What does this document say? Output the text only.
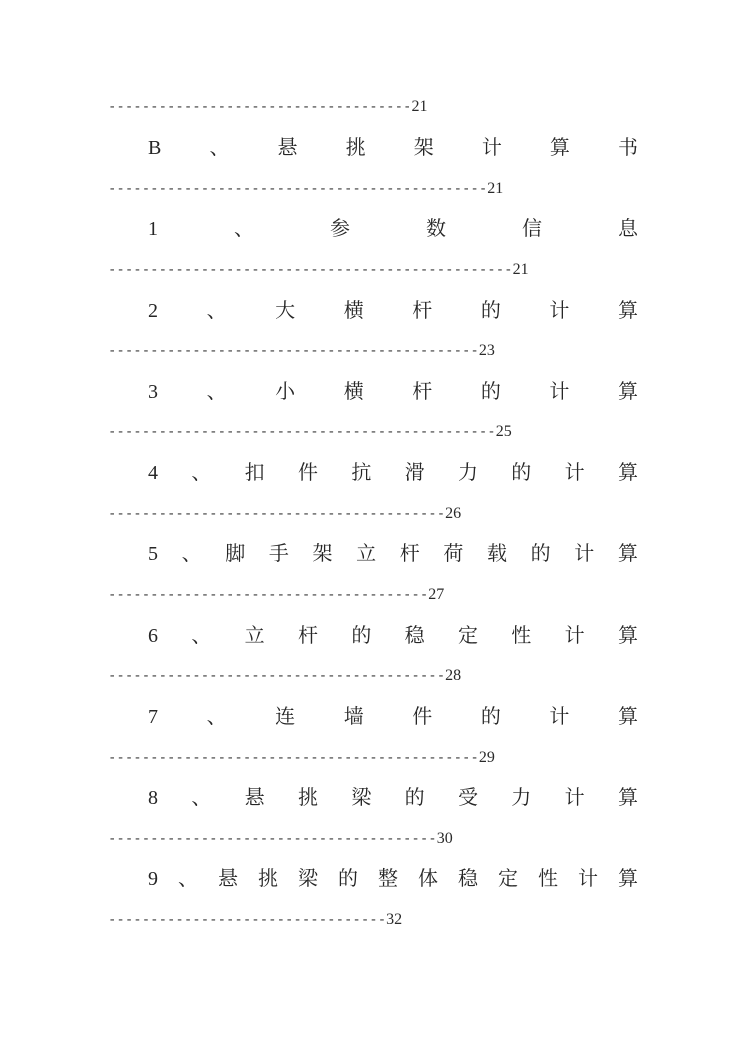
------------------------------------ 21
B 、 悬 挑 架 计 算 书
--------------------------------------------- 21
1	、	参	数	信	息
------------------------------------------------ 21
2 、 大 横 杆 的 计 算
-------------------------------------------- 23
3 、 小 横 杆 的 计 算
---------------------------------------------- 25
4 、 扣 件 抗 滑 力 的 计 算
---------------------------------------- 26
5 、 脚 手 架 立 杆 荷 载 的 计 算
-------------------------------------- 27
6 、 立 杆 的 稳 定 性 计 算
---------------------------------------- 28
7 、 连 墙 件 的 计 算
-------------------------------------------- 29
8 、 悬 挑 梁 的 受 力 计 算
--------------------------------------- 30
9 、 悬 挑 梁 的 整 体 稳 定 性 计 算
--------------------------------- 32
